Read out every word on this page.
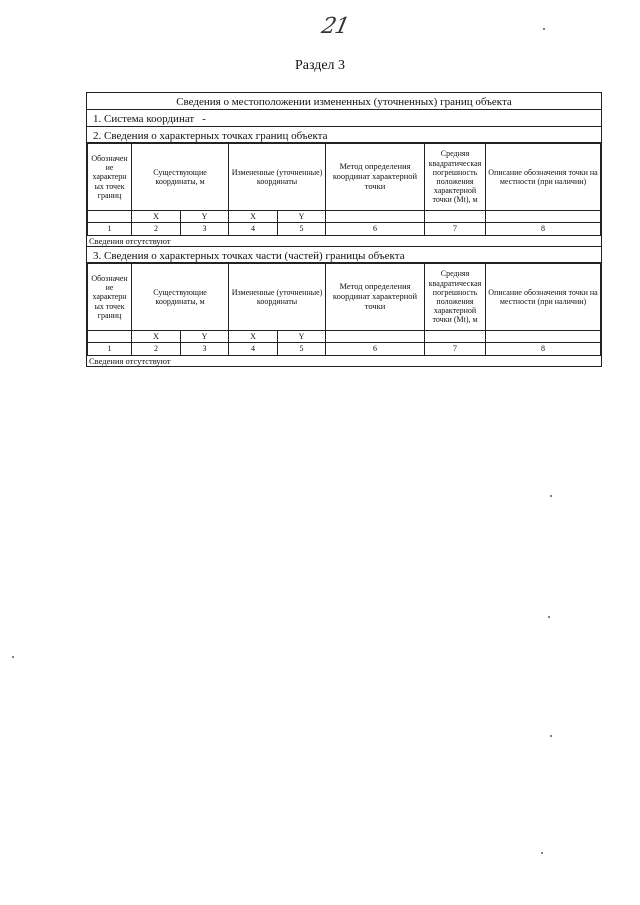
21
Раздел 3
Сведения о местоположении измененных (уточненных) границ объекта
1. Система координат -
2. Сведения о характерных точках границ объекта
Обозначен ие характерн ых точек границ	Существующие координаты, м		Измененные (уточненные) координаты		Метод определения координат характерной точки	Средняя квадратическая погрешность положения характерной точки (Mt), м	Описание обозначения точки на местности (при наличии)
	X	Y	X	Y			
1	2	3	4	5	6	7	8
Сведения отсутствуют
3. Сведения о характерных точках части (частей) границы объекта
Обозначен ие характерн ых точек границ	Существующие координаты, м		Измененные (уточненные) координаты		Метод определения координат характерной точки	Средняя квадратическая погрешность положения характерной точки (Mt), м	Описание обозначения точки на местности (при наличии)
	X	Y	X	Y			
1	2	3	4	5	6	7	8
Сведения отсутствуют
